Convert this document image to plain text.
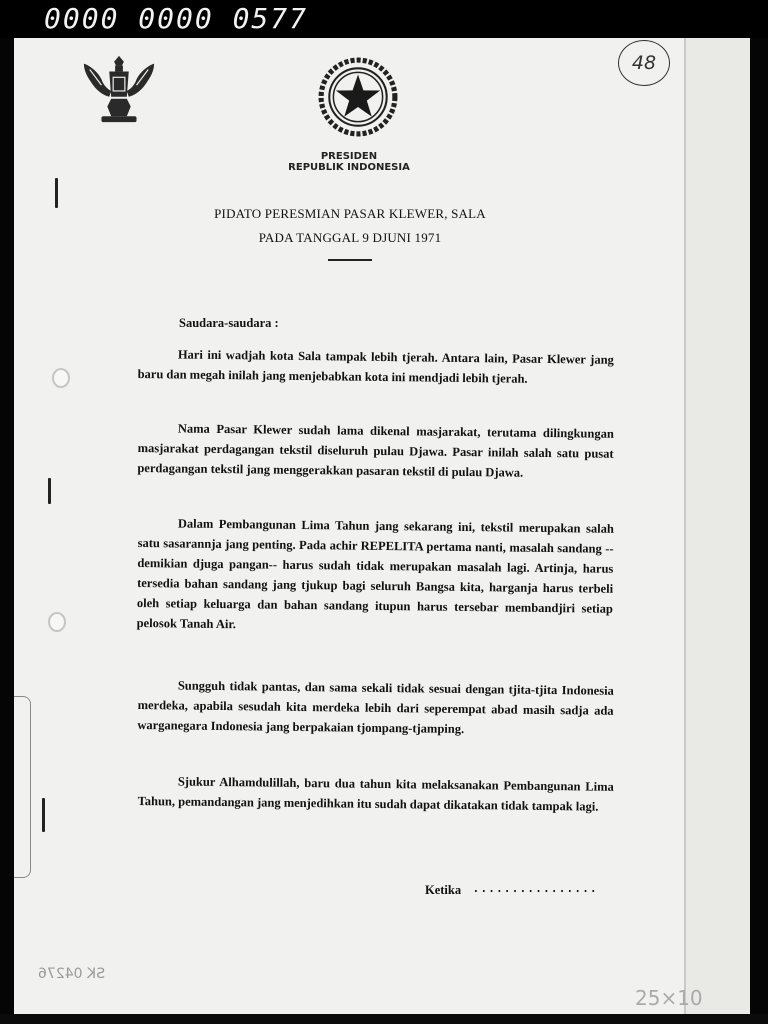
0000 0000 0577
48
PRESIDEN
REPUBLIK INDONESIA
PIDATO PERESMIAN PASAR KLEWER, SALA
PADA TANGGAL 9 DJUNI 1971
Saudara-saudara :

Hari ini wadjah kota Sala tampak lebih tjerah. Antara lain, Pasar Klewer jang baru dan megah inilah jang menjebabkan kota ini mendjadi lebih tjerah.

Nama Pasar Klewer sudah lama dikenal masjarakat, terutama dilingkungan masjarakat perdagangan tekstil diseluruh pulau Djawa. Pasar inilah salah satu pusat perdagangan tekstil jang menggerakkan pasaran tekstil di pulau Djawa.

Dalam Pembangunan Lima Tahun jang sekarang ini, tekstil merupakan salah satu sasarannja jang penting. Pada achir REPELITA pertama nanti, masalah sandang --demikian djuga pangan-- harus sudah tidak merupakan masalah lagi. Artinja, harus tersedia bahan sandang jang tjukup bagi seluruh Bangsa kita, harganja harus terbeli oleh setiap keluarga dan bahan sandang itupun harus tersebar membandjiri setiap pelosok Tanah Air.

Sungguh tidak pantas, dan sama sekali tidak sesuai dengan tjita-tjita Indonesia merdeka, apabila sesudah kita merdeka lebih dari seperempat abad masih sadja ada warganegara Indonesia jang berpakaian tjompang-tjamping.

Sjukur Alhamdulillah, baru dua tahun kita melaksanakan Pembangunan Lima Tahun, pemandangan jang menjedihkan itu sudah dapat dikatakan tidak tampak lagi.

Ketika ................
SK 04276
25×10
